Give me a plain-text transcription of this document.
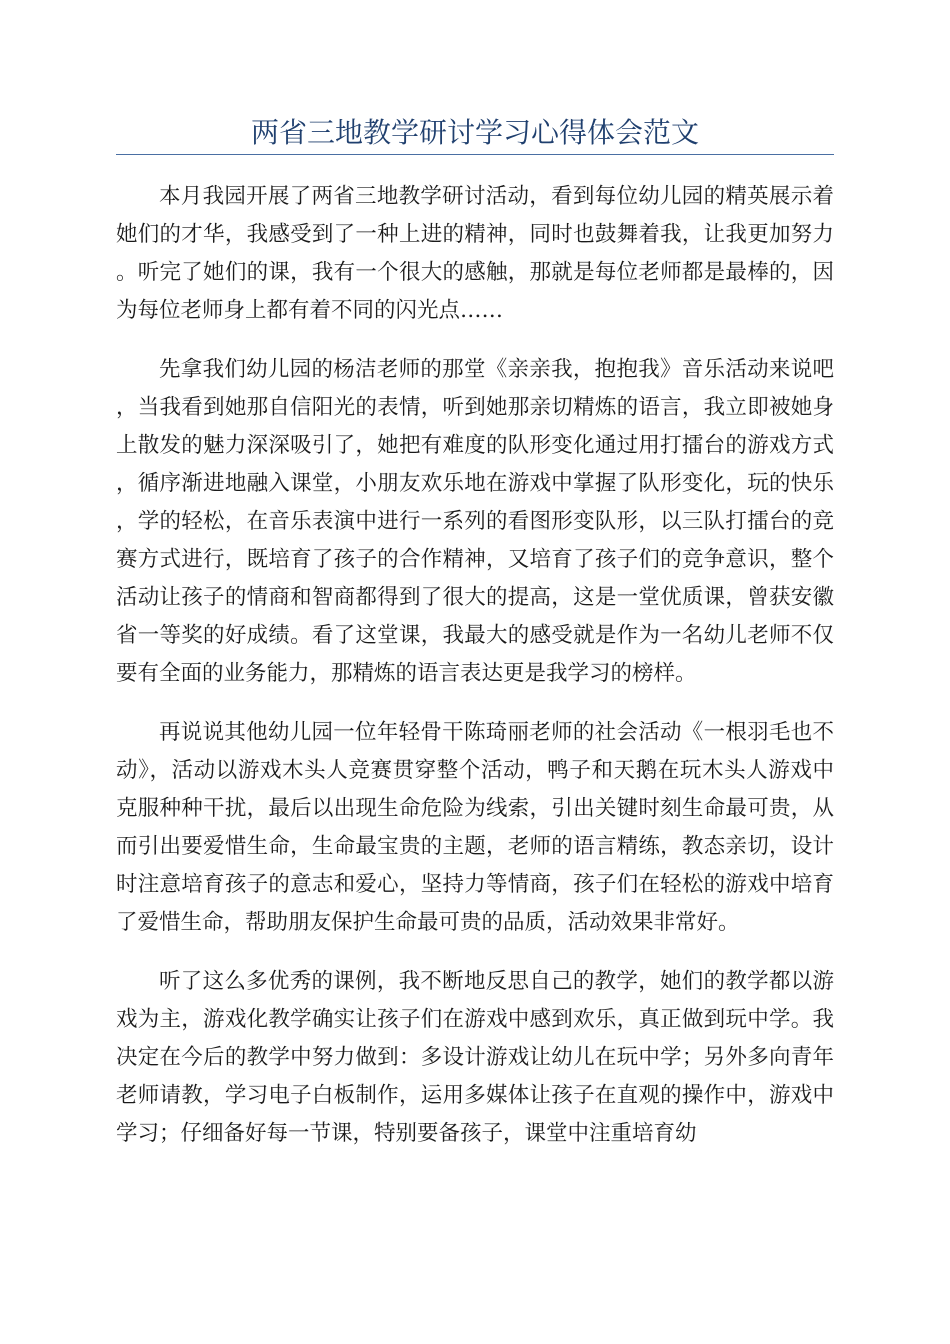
两省三地教学研讨学习心得体会范文

本月我园开展了两省三地教学研讨活动，看到每位幼儿园的精英展示着她们的才华，我感受到了一种上进的精神，同时也鼓舞着我，让我更加努力。听完了她们的课，我有一个很大的感触，那就是每位老师都是最棒的，因为每位老师身上都有着不同的闪光点……

先拿我们幼儿园的杨洁老师的那堂《亲亲我，抱抱我》音乐活动来说吧，当我看到她那自信阳光的表情，听到她那亲切精炼的语言，我立即被她身上散发的魅力深深吸引了，她把有难度的队形变化通过用打擂台的游戏方式，循序渐进地融入课堂，小朋友欢乐地在游戏中掌握了队形变化，玩的快乐，学的轻松，在音乐表演中进行一系列的看图形变队形，以三队打擂台的竞赛方式进行，既培育了孩子的合作精神，又培育了孩子们的竞争意识，整个活动让孩子的情商和智商都得到了很大的提高，这是一堂优质课，曾获安徽省一等奖的好成绩。看了这堂课，我最大的感受就是作为一名幼儿老师不仅要有全面的业务能力，那精炼的语言表达更是我学习的榜样。

再说说其他幼儿园一位年轻骨干陈琦丽老师的社会活动《一根羽毛也不动》，活动以游戏木头人竞赛贯穿整个活动，鸭子和天鹅在玩木头人游戏中克服种种干扰，最后以出现生命危险为线索，引出关键时刻生命最可贵，从而引出要爱惜生命，生命最宝贵的主题，老师的语言精练，教态亲切，设计时注意培育孩子的意志和爱心，坚持力等情商，孩子们在轻松的游戏中培育了爱惜生命，帮助朋友保护生命最可贵的品质，活动效果非常好。

听了这么多优秀的课例，我不断地反思自己的教学，她们的教学都以游戏为主，游戏化教学确实让孩子们在游戏中感到欢乐，真正做到玩中学。我决定在今后的教学中努力做到：多设计游戏让幼儿在玩中学；另外多向青年老师请教，学习电子白板制作，运用多媒体让孩子在直观的操作中，游戏中学习；仔细备好每一节课，特别要备孩子，课堂中注重培育幼
